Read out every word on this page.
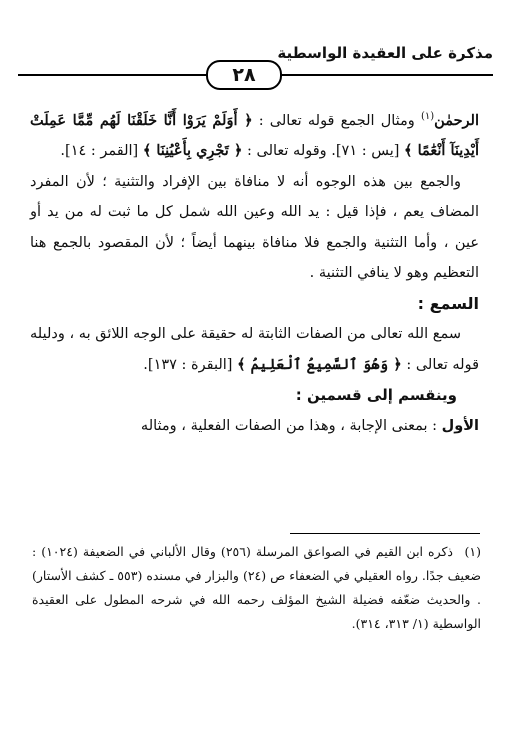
مذكرة على العقيدة الواسطية
٢٨

الرحمٰن$^{(١)}$ ومثال الجمع قوله تعالى : ﴿ أَوَلَمْ يَرَوْا أَنَّا خَلَقْنَا لَهُم مِّمَّا عَمِلَتْ أَيْدِينَآ أَنْعَٰمًا ﴾ [يس : ٧١]. وقوله تعالى : ﴿ تَجْرِي بِأَعْيُنِنَا ﴾ [القمر : ١٤].

والجمع بين هذه الوجوه أنه لا منافاة بين الإفراد والتثنية ؛ لأن المفرد المضاف يعم ، فإذا قيل : يد الله وعين الله شمل كل ما ثبت له من يد أو عين ، وأما التثنية والجمع فلا منافاة بينهما أيضاً ؛ لأن المقصود بالجمع هنا التعظيم وهو لا ينافي التثنية .

السمع :

سمع الله تعالى من الصفات الثابتة له حقيقة على الوجه اللائق به ، ودليله قوله تعالى : ﴿ وَهُوَ ٱلسَّمِيعُ ٱلْعَلِيمُ ﴾ [البقرة : ١٣٧].

وينقسم إلى قسمين :

الأول : بمعنى الإجابة ، وهذا من الصفات الفعلية ، ومثاله

(١)ذكره ابن القيم في الصواعق المرسلة (٢٥٦) وقال الألباني في الضعيفة (١٠٢٤) : ضعيف جدًا. رواه العقيلي في الضعفاء ص (٢٤) والبزار في مسنده (٥٥٣ ـ كشف الأستار) . والحديث ضعّفه فضيلة الشيخ المؤلف رحمه الله في شرحه المطول على العقيدة الواسطية (١/ ٣١٣، ٣١٤).
